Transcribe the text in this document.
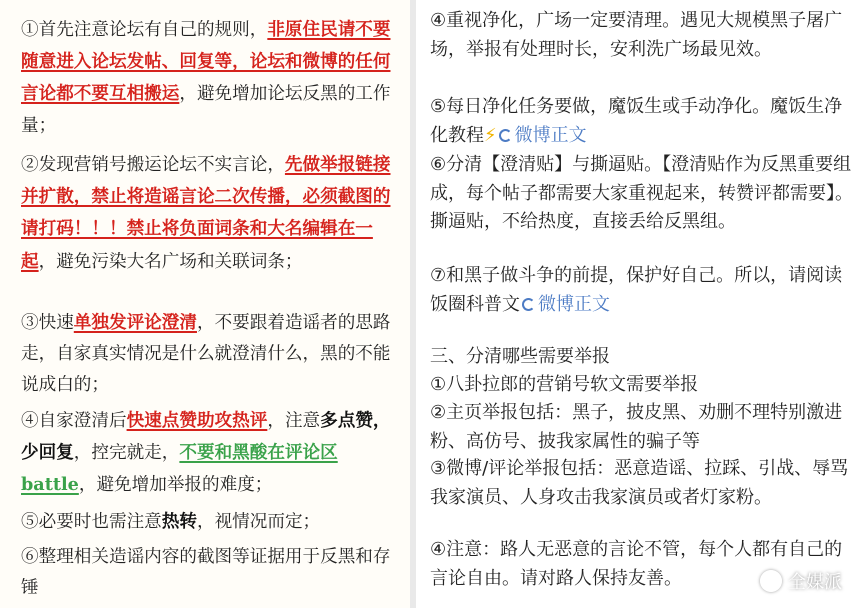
①首先注意论坛有自己的规则，非原住民请不要随意进入论坛发帖、回复等，论坛和微博的任何言论都不要互相搬运，避免增加论坛反黑的工作量；

②发现营销号搬运论坛不实言论，先做举报链接并扩散，禁止将造谣言论二次传播，必须截图的请打码！！！禁止将负面词条和大名编辑在一起，避免污染大名广场和关联词条；

③快速单独发评论澄清，不要跟着造谣者的思路走，自家真实情况是什么就澄清什么，黑的不能说成白的；

④自家澄清后快速点赞助攻热评，注意多点赞，少回复，控完就走，不要和黑酸在评论区battle，避免增加举报的难度；

⑤必要时也需注意热转，视情况而定；

⑥整理相关造谣内容的截图等证据用于反黑和存锤

④重视净化，广场一定要清理。遇见大规模黑子屠广场，举报有处理时长，安利洗广场最见效。

⑤每日净化任务要做，魔饭生或手动净化。魔饭生净化教程⚡ 微博正文

⑥分清【澄清贴】与撕逼贴。【澄清贴作为反黑重要组成，每个帖子都需要大家重视起来，转赞评都需要】。撕逼贴，不给热度，直接丢给反黑组。

⑦和黑子做斗争的前提，保护好自己。所以，请阅读饭圈科普文 微博正文

三、分清哪些需要举报

①八卦拉郎的营销号软文需要举报

②主页举报包括：黑子，披皮黑、劝删不理特别激进粉、高仿号、披我家属性的骗子等

③微博/评论举报包括：恶意造谣、拉踩、引战、辱骂我家演员、人身攻击我家演员或者灯家粉。

④注意：路人无恶意的言论不管，每个人都有自己的言论自由。请对路人保持友善。	全媒派
